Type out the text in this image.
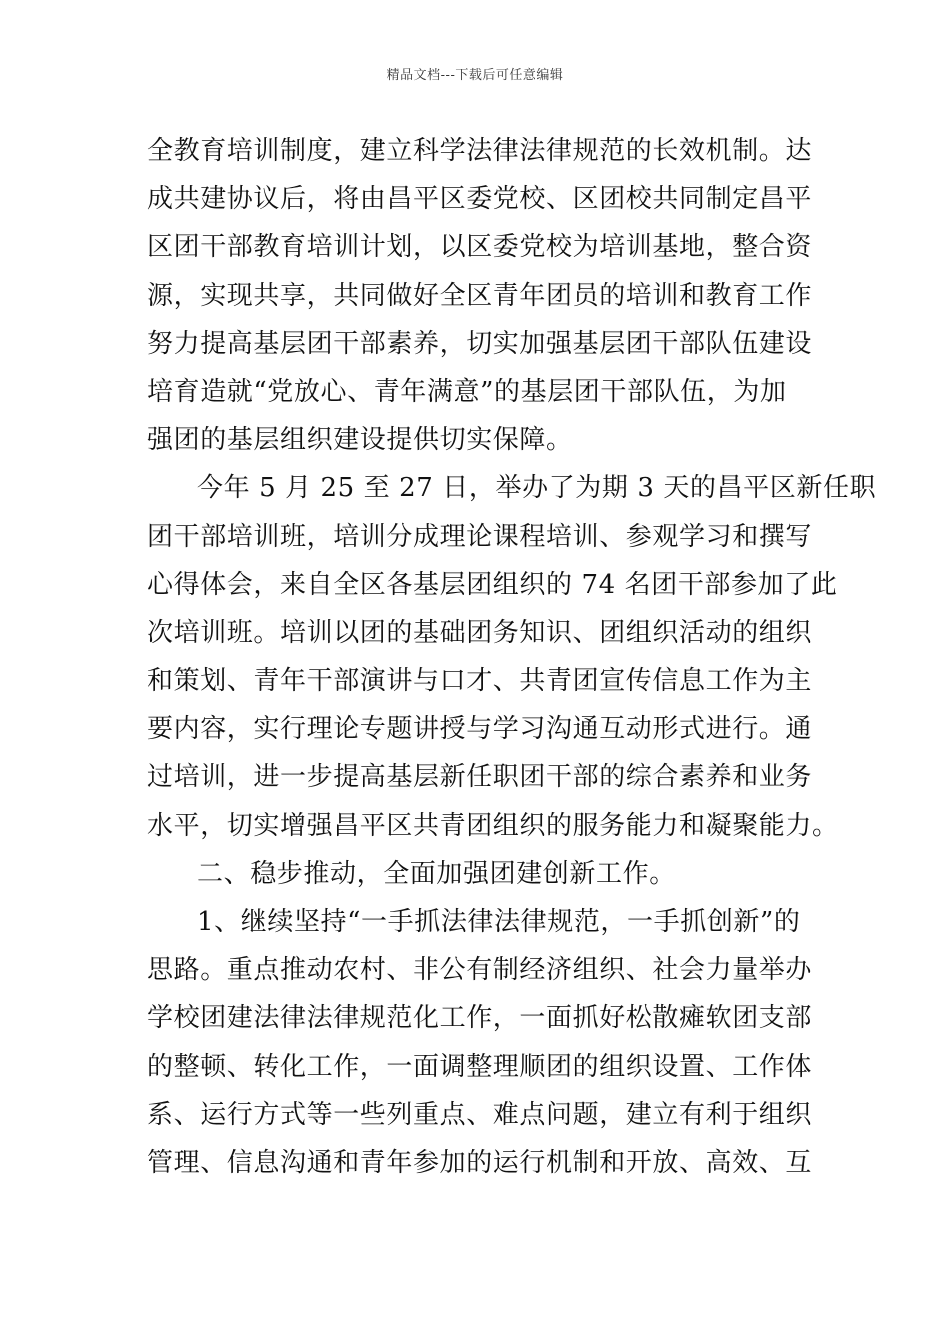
精品文档---下载后可任意编辑
全教育培训制度，建立科学法律法律规范的长效机制。达
成共建协议后，将由昌平区委党校、区团校共同制定昌平
区团干部教育培训计划，以区委党校为培训基地，整合资
源，实现共享，共同做好全区青年团员的培训和教育工作
努力提高基层团干部素养，切实加强基层团干部队伍建设
培育造就“党放心、青年满意”的基层团干部队伍，为加
强团的基层组织建设提供切实保障。
今年 5 月 25 至 27 日，举办了为期 3 天的昌平区新任职
团干部培训班，培训分成理论课程培训、参观学习和撰写
心得体会，来自全区各基层团组织的 74 名团干部参加了此
次培训班。培训以团的基础团务知识、团组织活动的组织
和策划、青年干部演讲与口才、共青团宣传信息工作为主
要内容，实行理论专题讲授与学习沟通互动形式进行。通
过培训，进一步提高基层新任职团干部的综合素养和业务
水平，切实增强昌平区共青团组织的服务能力和凝聚能力。
二、稳步推动，全面加强团建创新工作。
1、继续坚持“一手抓法律法律规范，一手抓创新”的
思路。重点推动农村、非公有制经济组织、社会力量举办
学校团建法律法律规范化工作，一面抓好松散瘫软团支部
的整顿、转化工作，一面调整理顺团的组织设置、工作体
系、运行方式等一些列重点、难点问题，建立有利于组织
管理、信息沟通和青年参加的运行机制和开放、高效、互
